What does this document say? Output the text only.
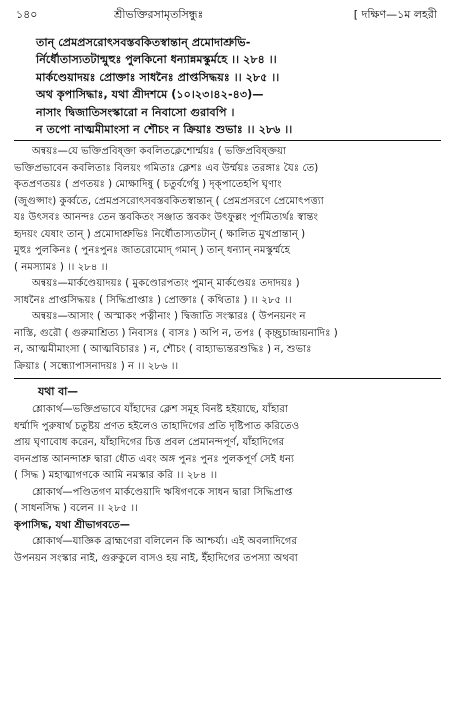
১৪০	শ্রীভক্তিরসামৃতসিন্ধুঃ	[ দক্ষিণ—১ম লহরী
তান্ প্রেমপ্রসরোৎসবস্তবকিতস্বান্তান্ প্রমোদাশ্রুভি-
র্নির্ধৌতাস্যতটান্মুহুঃ পুলকিনো ধন্যান্নমস্কুর্মহে ।। ২৮৪ ।।
মার্কণ্ডেয়াদয়ঃ প্রোক্তাঃ সাধনৈঃ প্রাপ্তসিদ্ধয়ঃ ।। ২৮৫ ।।
অথ কৃপাসিদ্ধাঃ, যথা শ্রীদশমে (১০।২৩।৪২-৪৩)—
নাসাং দ্বিজাতিসংস্কারো ন নিবাসো গুরাবপি ।
ন তপো নাত্মমীমাংসা ন শৌচং ন ক্রিয়াঃ শুভাঃ ।। ২৮৬ ।।
অন্বয়ঃ—যে ভক্তিপ্রবিষ্ক্তা কবলিতক্লেশোর্ম্ময়ঃ ( ভক্তিপ্রবিষ্ক্তয়া
ভক্তিপ্রভাবেন কবলিতাঃ বিলয়ং গমিতাঃ ক্লেশঃ এব উর্ম্ময়ঃ তরঙ্গাঃ যৈঃ তে)
কৃতপ্রণতয়ঃ ( প্রণতয়ঃ ) মোক্ষাদিষু ( চতুর্বর্গেষু ) দৃক্পাতেহপি ঘৃণাং
(জুগুপ্সাং) কুর্ব্বতে, প্রেমপ্রসরোৎসবস্তবকিতস্বান্তান্ ( প্রেমপ্রসরণে প্রেমোৎপত্ত্যা
যঃ উৎসবঃ আনন্দঃ তেন স্তবকিতং সঞ্জাত স্তবকং উৎফুল্লং পূর্ণমিত্যর্থঃ স্বান্তং
হৃদয়ং যেষাং তান্ ) প্রমোদাশ্রুভিঃ নির্ধৌতাস্যতটান্ ( ক্ষালিত মুখপ্রান্তান্ )
মুহুঃ পুলকিনঃ ( পুনঃপুনঃ জাতরোমোদ্ গমান্ ) তান্ ধন্যান্ নমস্কুর্ম্মহে
( নমস্যামঃ ) ।। ২৮৪ ।।
অন্বয়ঃ—মার্কণ্ডেয়াদয়ঃ ( মুকণ্ডোরপত্যং পুমান্ মার্কণ্ডেয়ঃ তদাদয়ঃ )
সাধনৈঃ প্রাপ্তসিদ্ধয়ঃ ( সিদ্ধিপ্রাপ্তাঃ ) প্রোক্তাঃ ( কথিতাঃ ) ।। ২৮৫ ।।
অন্বয়ঃ—আসাং ( অস্মাকং পত্নীনাং ) দ্বিজাতি সংস্কারঃ ( উপনয়নং ন
নাস্তি, গুরৌ ( গুরুমাশ্রিত্য ) নিবাসঃ ( বাসঃ ) অপি ন, তপঃ ( কৃচ্ছ্রচান্দ্রায়নাদিঃ )
ন, আত্মমীমাংসা ( আত্মবিচারঃ ) ন, শৌচং ( বাহ্যাভ্যন্তরশুদ্ধিঃ ) ন, শুভাঃ
ক্রিয়াঃ ( সন্ধ্যোপাসনাদয়ঃ ) ন ।। ২৮৬ ।।
যথা বা—
শ্লোকার্থ—ভক্তিপ্রভাবে যাঁহাদের ক্লেশ সমূহ বিনষ্ট হইয়াছে, যাঁহারা
ধর্ম্মাদি পুরুষার্থ চতুষ্টয় প্রণত হইলেও তাহাদিগের প্রতি দৃষ্টিপাত করিতেও
প্রায় ঘৃণাবোধ করেন, যাঁহাদিগের চিত্ত প্রবল প্রেমানন্দপূর্ণ, যাঁহাদিগের
বদনপ্রান্ত আনন্দাশ্রু দ্বারা ধৌত এবং অঙ্গ পুনঃ পুনঃ পুলকপূর্ণ সেই ধন্য
( সিদ্ধ ) মহাত্মাগণকে আমি নমস্কার করি ।। ২৮৪ ।।
শ্লোকার্থ—পণ্ডিতগণ মার্কণ্ডেয়াদি ঋষিগণকে সাধন দ্বারা সিদ্ধিপ্রাপ্ত
( সাধনসিদ্ধ ) বলেন ।। ২৮৫ ।।
কৃপাসিদ্ধ, যথা শ্রীভাগবতে—
শ্লোকার্থ—যাজ্ঞিক ব্রাহ্মণেরা বলিলেন কি আশ্চর্য্য। এই অবলাদিগের
উপনয়ন সংস্কার নাই, গুরুকুলে বাসও হয় নাই, ইঁহাদিগের তপস্যা অথবা
